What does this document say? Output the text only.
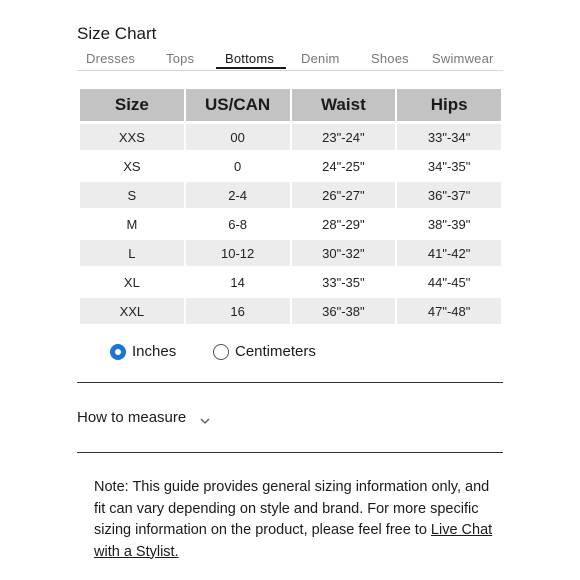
Size Chart
Dresses Tops Bottoms Denim Shoes Swimwear
Size	US/CAN	Waist	Hips
XXS	00	23"-24"	33"-34"
XS	0	24"-25"	34"-35"
S	2-4	26"-27"	36"-37"
M	6-8	28"-29"	38"-39"
L	10-12	30"-32"	41"-42"
XL	14	33"-35"	44"-45"
XXL	16	36"-38"	47"-48"
Inches	Centimeters
How to measure
Note: This guide provides general sizing information only, and fit can vary depending on style and brand. For more specific sizing information on the product, please feel free to Live Chat with a Stylist.
